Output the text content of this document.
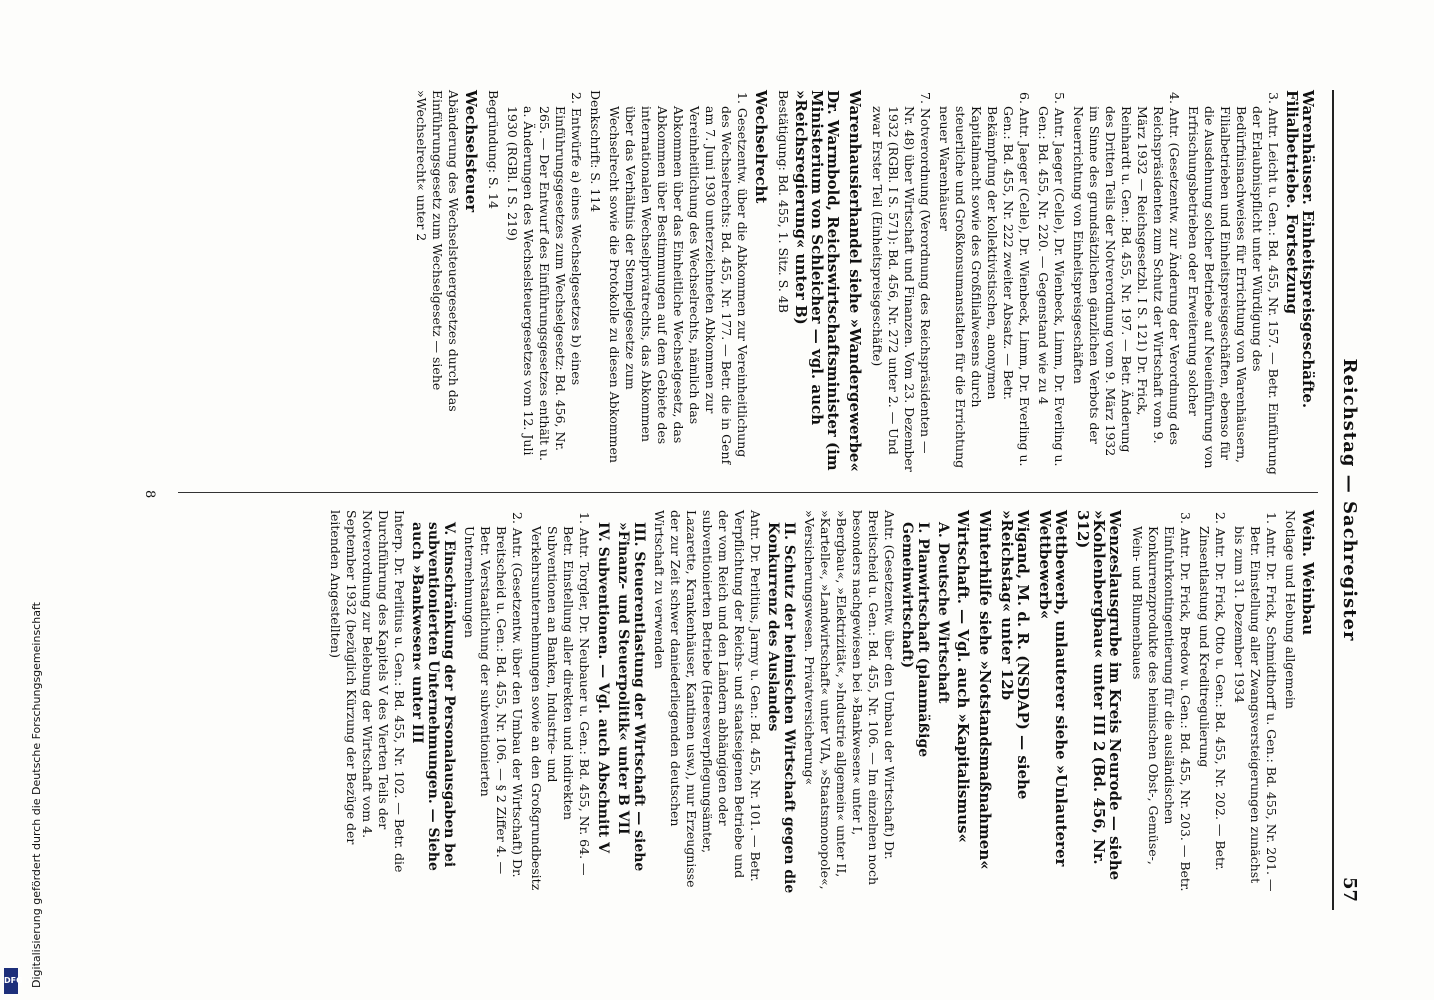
Reichstag — Sachregister
57
Warenhäuser. Einheitspreisgeschäfte. Filialbetriebe. Fortsetzung
3. Antr. Leicht u. Gen.: Bd. 455, Nr. 157. — Betr. Einführung der Erlaubnispflicht unter Würdigung des Bedürfnisnachweises für Errichtung von Warenhäusern, Filialbetrieben und Einheitspreisgeschäften, ebenso für die Ausdehnung solcher Betriebe auf Neueinführung von Erfrischungsbetrieben oder Erweiterung solcher
4. Antr. (Gesetzentw. zur Änderung der Verordnung des Reichspräsidenten zum Schutz der Wirtschaft vom 9. März 1932 — Reichsgesetzbl. I S. 121) Dr. Frick, Reinhardt u. Gen.: Bd. 455, Nr. 197. — Betr. Änderung des Dritten Teils der Notverordnung vom 9. März 1932 im Sinne des grundsätzlichen gänzlichen Verbots der Neuerrichtung von Einheitspreisgeschäften
5. Antr. Jaeger (Celle), Dr. Wienbeck, Limm, Dr. Everling u. Gen.: Bd. 455, Nr. 220. — Gegenstand wie zu 4
6. Antr. Jaeger (Celle), Dr. Wienbeck, Limm, Dr. Everling u. Gen.: Bd. 455, Nr. 222 zweiter Absatz. — Betr. Bekämpfung der kollektivistischen, anonymen Kapitalmacht sowie des Großfilialwesens durch steuerliche und Großkonsumanstalten für die Errichtung neuer Warenhäuser
7. Notverordnung (Verordnung des Reichspräsidenten — Nr. 48) über Wirtschaft und Finanzen. Vom 23. Dezember 1932 (RGBl. I S. 571): Bd. 456, Nr. 272 unter 2. — Und zwar Erster Teil (Einheitspreisgeschäfte)
Warenhausierhandel siehe »Wandergewerbe«
Dr. Warmbold, Reichswirtschaftsminister (im Ministerium von Schleicher — vgl. auch »Reichsregierung« unter B)
Bestätigung: Bd. 455, 1. Sitz. S. 4B
Wechselrecht
1. Gesetzentw. über die Abkommen zur Vereinheitlichung des Wechselrechts: Bd. 455, Nr. 177. — Betr. die in Genf am 7. Juni 1930 unterzeichneten Abkommen zur Vereinheitlichung des Wechselrechts, nämlich das Abkommen über das Einheitliche Wechselgesetz, das Abkommen über Bestimmungen auf dem Gebiete des internationalen Wechselprivatrechts, das Abkommen über das Verhältnis der Stempelgesetze zum Wechselrecht sowie die Protokolle zu diesen Abkommen
Denkschrift: S. 114
2. Entwürfe a) eines Wechselgesetzes b) eines Einführungsgesetzes zum Wechselgesetz: Bd. 456, Nr. 265. — Der Entwurf des Einführungsgesetzes enthält u. a. Änderungen des Wechselsteuergesetzes vom 12. Juli 1930 (RGBl. I S. 219)
Begründung: S. 14
Wechselsteuer
Abänderung des Wechselsteuergesetzes durch das Einführungsgesetz zum Wechselgesetz — siehe »Wechselrecht« unter 2
Wein. Weinbau
Notlage und Hebung allgemein
1. Antr. Dr. Frick, Schmidthorff u. Gen.: Bd. 455, Nr. 201. — Betr. Einstellung aller Zwangsversteigerungen zunächst bis zum 31. Dezember 1934
2. Antr. Dr. Frick, Otto u. Gen.: Bd. 455, Nr. 202. — Betr. Zinsentlastung und Kreditregulierung
3. Antr. Dr. Frick, Bredow u. Gen.: Bd. 455, Nr. 203. — Betr. Einfuhrkontingentierung für die ausländischen Konkurrenzprodukte des heimischen Obst-, Gemüse-, Wein- und Blumenbaues
Wenzeslausgrube im Kreis Neurode — siehe »Kohlenbergbau« unter III 2 (Bd. 456, Nr. 312)
Wettbewerb, unlauterer siehe »Unlauterer Wettbewerb«
Wigand, M. d. R. (NSDAP) — siehe »Reichstag« unter 12b
Winterhilfe siehe »Notstandsmaßnahmen«
Wirtschaft. — Vgl. auch »Kapitalismus«
A. Deutsche Wirtschaft
I. Planwirtschaft (planmäßige Gemeinwirtschaft)
Antr. (Gesetzentw. über den Umbau der Wirtschaft) Dr. Breitscheid u. Gen.: Bd. 455, Nr. 106. — Im einzelnen noch besonders nachgewiesen bei »Bankwesen« unter I, »Bergbau«, »Elektrizität«, »Industrie allgemein« unter II, »Kartelle«, »Landwirtschaft« unter VIA, »Staatsmonopole«, »Versicherungswesen. Privatversicherung«
II. Schutz der heimischen Wirtschaft gegen die Konkurrenz des Auslandes
Antr. Dr. Perlitius, Jarmy u. Gen.: Bd. 455, Nr. 101. — Betr. Verpflichtung der Reichs- und staatseigenen Betriebe und der vom Reich und den Ländern abhängigen oder subventionierten Betriebe (Heeresverpflegungsämter, Lazarette, Krankenhäuser, Kantinen usw.), nur Erzeugnisse der zur Zeit schwer daniederliegenden deutschen Wirtschaft zu verwenden
III. Steuerentlastung der Wirtschaft — siehe »Finanz- und Steuerpolitik« unter B VII
IV. Subventionen. — Vgl. auch Abschnitt V
1. Antr. Torgler, Dr. Neubauer u. Gen.: Bd. 455, Nr. 64. — Betr. Einstellung aller direkten und indirekten Subventionen an Banken, Industrie- und Verkehrsunternehmungen sowie an den Großgrundbesitz
2. Antr. (Gesetzentw. über den Umbau der Wirtschaft) Dr. Breitscheid u. Gen.: Bd. 455, Nr. 106. — § 2 Ziffer 4. — Betr. Verstaatlichung der subventionierten Unternehmungen
V. Einschränkung der Personalausgaben bei subventionierten Unternehmungen. — Siehe auch »Bankwesen« unter III
Interp. Dr. Perlitius u. Gen.: Bd. 455, Nr. 102. — Betr. die Durchführung des Kapitels V des Vierten Teils der Notverordnung zur Belebung der Wirtschaft vom 4. September 1932 (bezüglich Kürzung der Bezüge der leitenden Angestellten)
8
Digitalisierung gefördert durch die Deutsche Forschungsgemeinschaft
DFG
